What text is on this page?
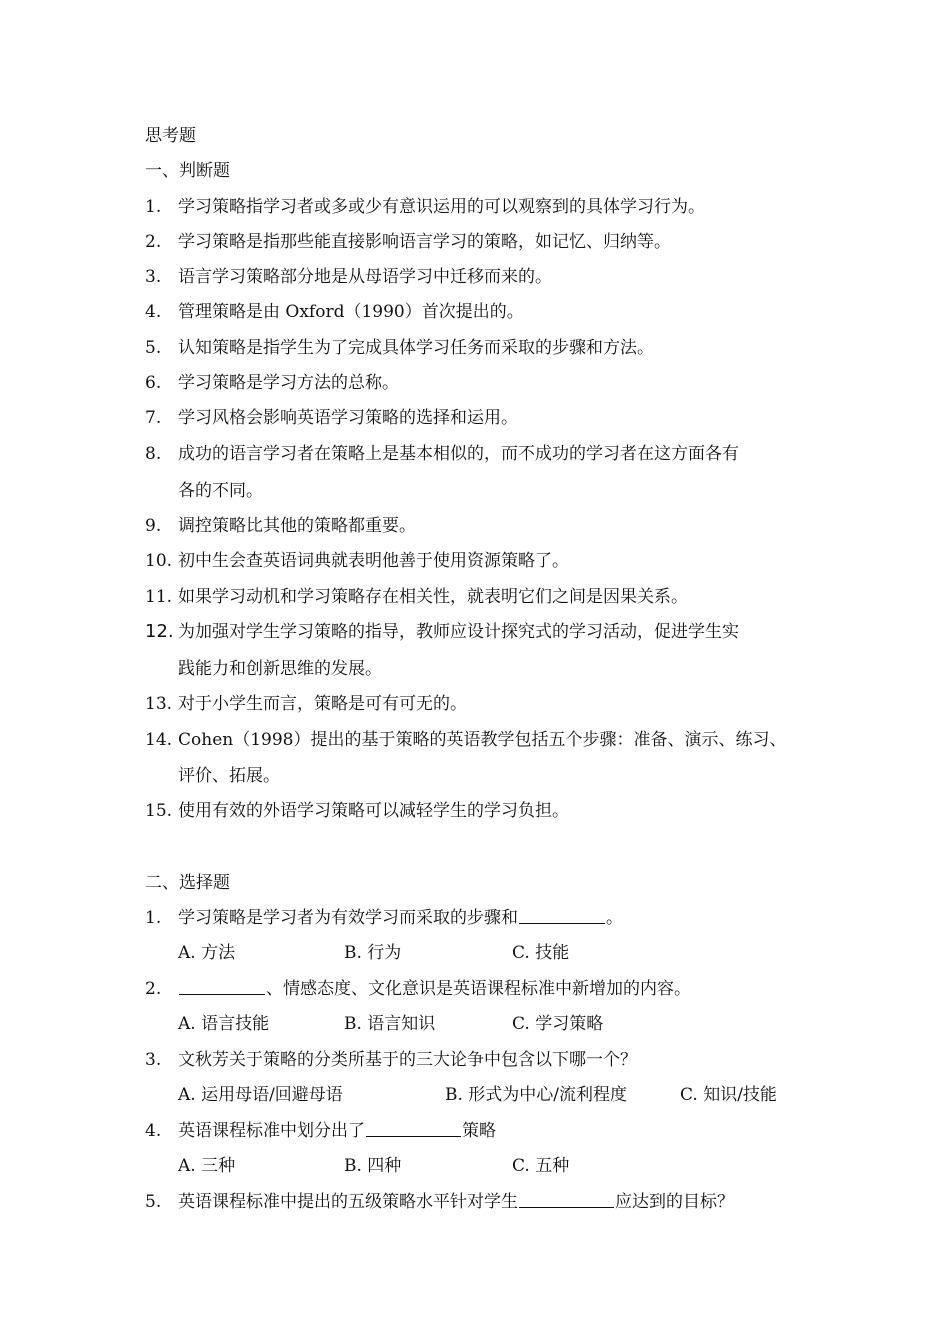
思考题
一、判断题
1. 学习策略指学习者或多或少有意识运用的可以观察到的具体学习行为。
2. 学习策略是指那些能直接影响语言学习的策略，如记忆、归纳等。
3. 语言学习策略部分地是从母语学习中迁移而来的。
4. 管理策略是由 Oxford（1990）首次提出的。
5. 认知策略是指学生为了完成具体学习任务而采取的步骤和方法。
6. 学习策略是学习方法的总称。
7. 学习风格会影响英语学习策略的选择和运用。
8. 成功的语言学习者在策略上是基本相似的，而不成功的学习者在这方面各有
各的不同。
9. 调控策略比其他的策略都重要。
10. 初中生会查英语词典就表明他善于使用资源策略了。
11. 如果学习动机和学习策略存在相关性，就表明它们之间是因果关系。
12. 为加强对学生学习策略的指导，教师应设计探究式的学习活动，促进学生实
践能力和创新思维的发展。
13. 对于小学生而言，策略是可有可无的。
14. Cohen（1998）提出的基于策略的英语教学包括五个步骤：准备、演示、练习、
评价、拓展。
15. 使用有效的外语学习策略可以减轻学生的学习负担。
二、选择题
1. 学习策略是学习者为有效学习而采取的步骤和	。
A. 方法	B. 行为	C. 技能
2.	、情感态度、文化意识是英语课程标准中新增加的内容。
A. 语言技能	B. 语言知识	C. 学习策略
3. 文秋芳关于策略的分类所基于的三大论争中包含以下哪一个？
A. 运用母语/回避母语	B. 形式为中心/流利程度	C. 知识/技能
4. 英语课程标准中划分出了	策略
A. 三种	B. 四种	C. 五种
5. 英语课程标准中提出的五级策略水平针对学生	应达到的目标？
